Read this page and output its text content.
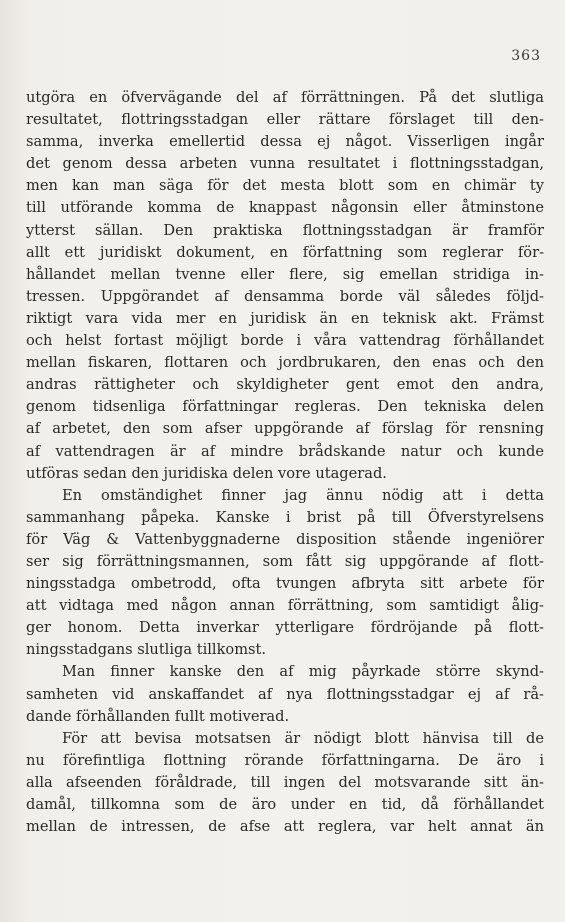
363
utgöra en öfvervägande del af förrättningen. På det slutliga
resultatet, flottringsstadgan eller rättare förslaget till den-
samma, inverka emellertid dessa ej något. Visserligen ingår
det genom dessa arbeten vunna resultatet i flottningsstadgan,
men kan man säga för det mesta blott som en chimär ty
till utförande komma de knappast någonsin eller åtminstone
ytterst sällan. Den praktiska flottningsstadgan är framför
allt ett juridiskt dokument, en författning som reglerar för-
hållandet mellan tvenne eller flere, sig emellan stridiga in-
tressen. Uppgörandet af densamma borde väl således följd-
riktigt vara vida mer en juridisk än en teknisk akt. Främst
och helst fortast möjligt borde i våra vattendrag förhållandet
mellan fiskaren, flottaren och jordbrukaren, den enas och den
andras rättigheter och skyldigheter gent emot den andra,
genom tidsenliga författningar regleras. Den tekniska delen
af arbetet, den som afser uppgörande af förslag för rensning
af vattendragen är af mindre brådskande natur och kunde
utföras sedan den juridiska delen vore utagerad.
En omständighet finner jag ännu nödig att i detta
sammanhang påpeka. Kanske i brist på till Öfverstyrelsens
för Väg & Vattenbyggnaderne disposition stående ingeniörer
ser sig förrättningsmannen, som fått sig uppgörande af flott-
ningsstadga ombetrodd, ofta tvungen afbryta sitt arbete för
att vidtaga med någon annan förrättning, som samtidigt ålig-
ger honom. Detta inverkar ytterligare fördröjande på flott-
ningsstadgans slutliga tillkomst.
Man finner kanske den af mig påyrkade större skynd-
samheten vid anskaffandet af nya flottningsstadgar ej af rå-
dande förhållanden fullt motiverad.
För att bevisa motsatsen är nödigt blott hänvisa till de
nu förefintliga flottning rörande författningarna. De äro i
alla afseenden föråldrade, till ingen del motsvarande sitt än-
damål, tillkomna som de äro under en tid, då förhållandet
mellan de intressen, de afse att reglera, var helt annat än
